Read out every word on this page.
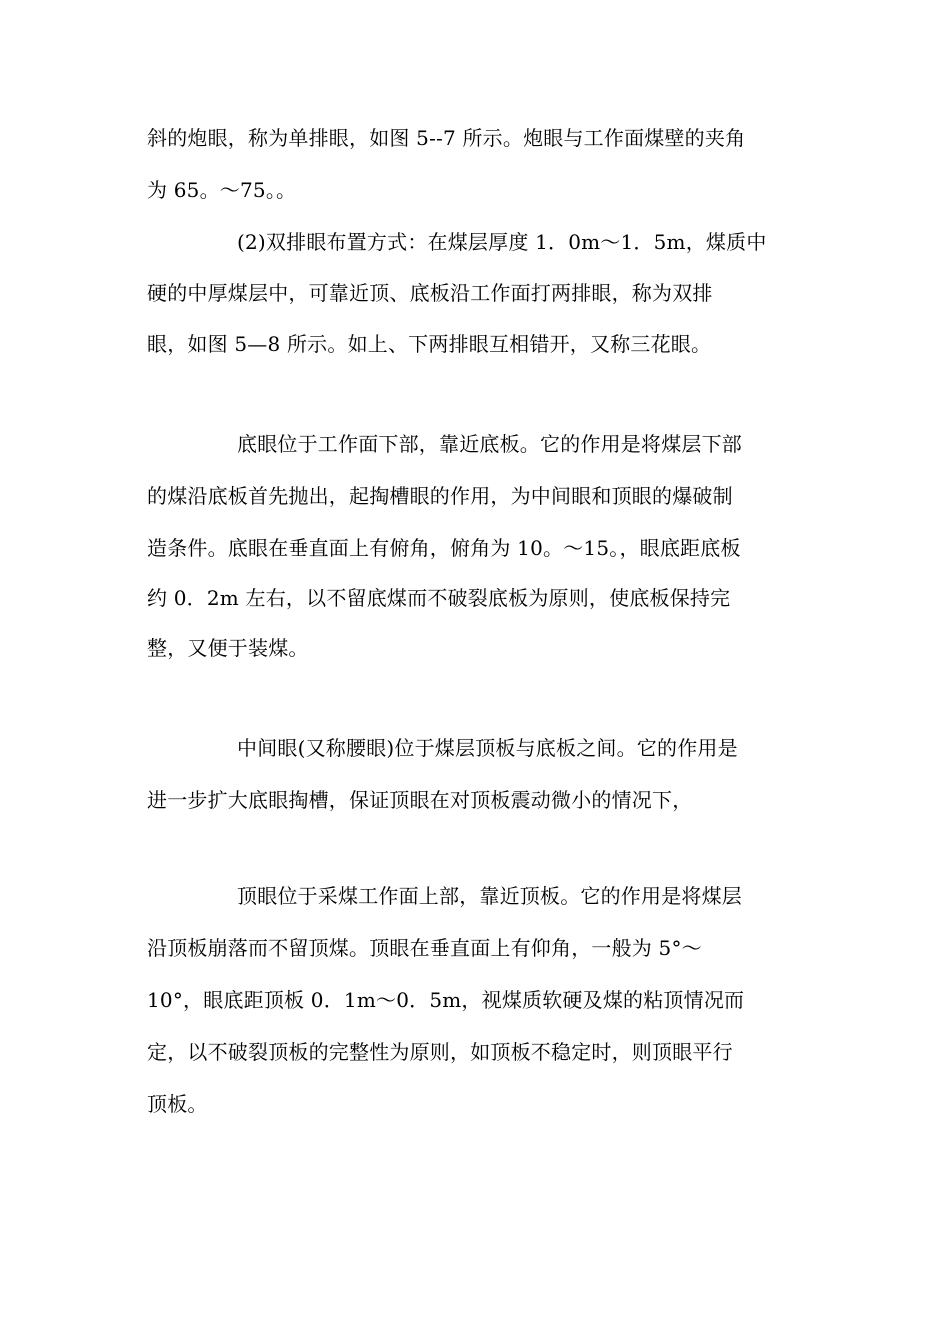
斜的炮眼，称为单排眼，如图 5--7 所示。炮眼与工作面煤壁的夹角
为 65。～75。。
(2)双排眼布置方式：在煤层厚度 1．0m～1．5m，煤质中
硬的中厚煤层中，可靠近顶、底板沿工作面打两排眼，称为双排
眼，如图 5—8 所示。如上、下两排眼互相错开，又称三花眼。
底眼位于工作面下部，靠近底板。它的作用是将煤层下部
的煤沿底板首先抛出，起掏槽眼的作用，为中间眼和顶眼的爆破制
造条件。底眼在垂直面上有俯角，俯角为 10。～15。，眼底距底板
约 0．2m 左右，以不留底煤而不破裂底板为原则，使底板保持完
整，又便于装煤。
中间眼(又称腰眼)位于煤层顶板与底板之间。它的作用是
进一步扩大底眼掏槽，保证顶眼在对顶板震动微小的情况下，
顶眼位于采煤工作面上部，靠近顶板。它的作用是将煤层
沿顶板崩落而不留顶煤。顶眼在垂直面上有仰角，一般为 5°～
10°，眼底距顶板 0．1m～0．5m，视煤质软硬及煤的粘顶情况而
定，以不破裂顶板的完整性为原则，如顶板不稳定时，则顶眼平行
顶板。
